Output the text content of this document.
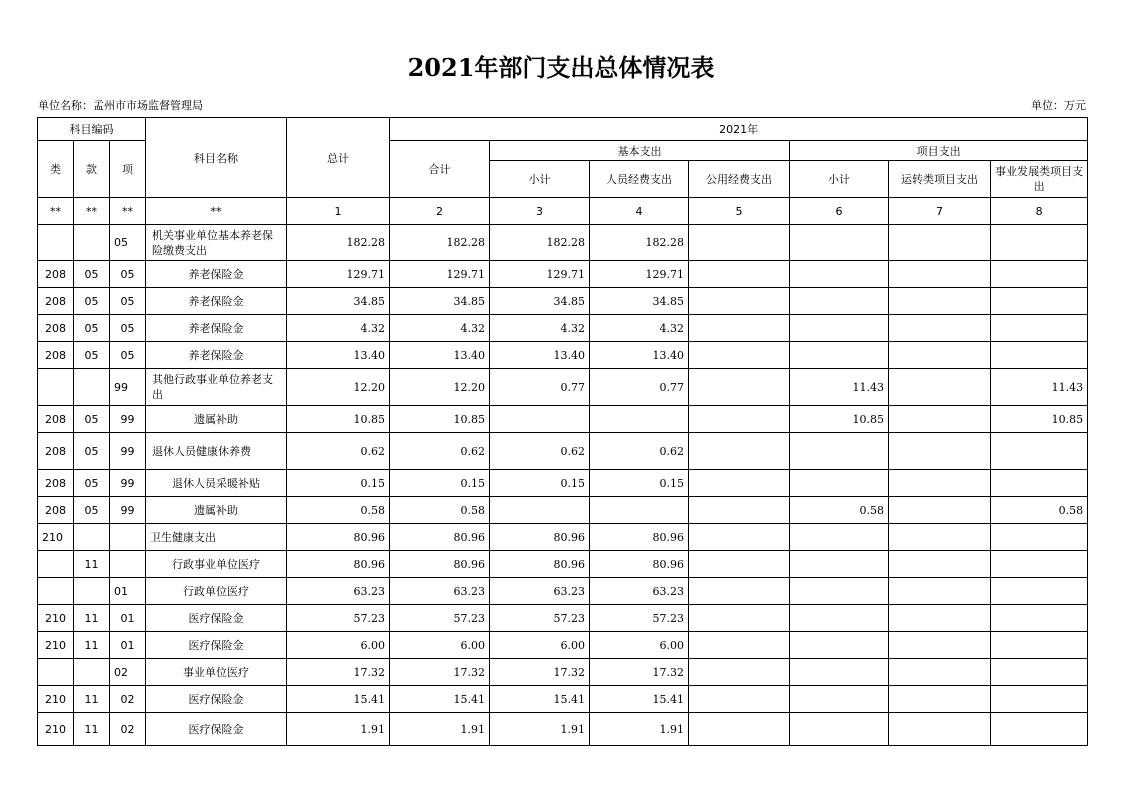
2021年部门支出总体情况表
单位名称：孟州市市场监督管理局	单位：万元
科目编码			科目名称	总计	2021年						
类	款	项			合计	基本支出			项目支出		
						小计	人员经费支出	公用经费支出	小计	运转类项目支出	事业发展类项目支出
**	**	**	**	1	2	3	4	5	6	7	8
		05	机关事业单位基本养老保险缴费支出	182.28	182.28	182.28	182.28				
208	05	05	养老保险金	129.71	129.71	129.71	129.71				
208	05	05	养老保险金	34.85	34.85	34.85	34.85				
208	05	05	养老保险金	4.32	4.32	4.32	4.32				
208	05	05	养老保险金	13.40	13.40	13.40	13.40				
		99	其他行政事业单位养老支出	12.20	12.20	0.77	0.77		11.43		11.43
208	05	99	遗属补助	10.85	10.85				10.85		10.85
208	05	99	退休人员健康休养费	0.62	0.62	0.62	0.62				
208	05	99	退休人员采暖补贴	0.15	0.15	0.15	0.15				
208	05	99	遗属补助	0.58	0.58				0.58		0.58
210			卫生健康支出	80.96	80.96	80.96	80.96				
	11		行政事业单位医疗	80.96	80.96	80.96	80.96				
		01	行政单位医疗	63.23	63.23	63.23	63.23				
210	11	01	医疗保险金	57.23	57.23	57.23	57.23				
210	11	01	医疗保险金	6.00	6.00	6.00	6.00				
		02	事业单位医疗	17.32	17.32	17.32	17.32				
210	11	02	医疗保险金	15.41	15.41	15.41	15.41				
210	11	02	医疗保险金	1.91	1.91	1.91	1.91				
